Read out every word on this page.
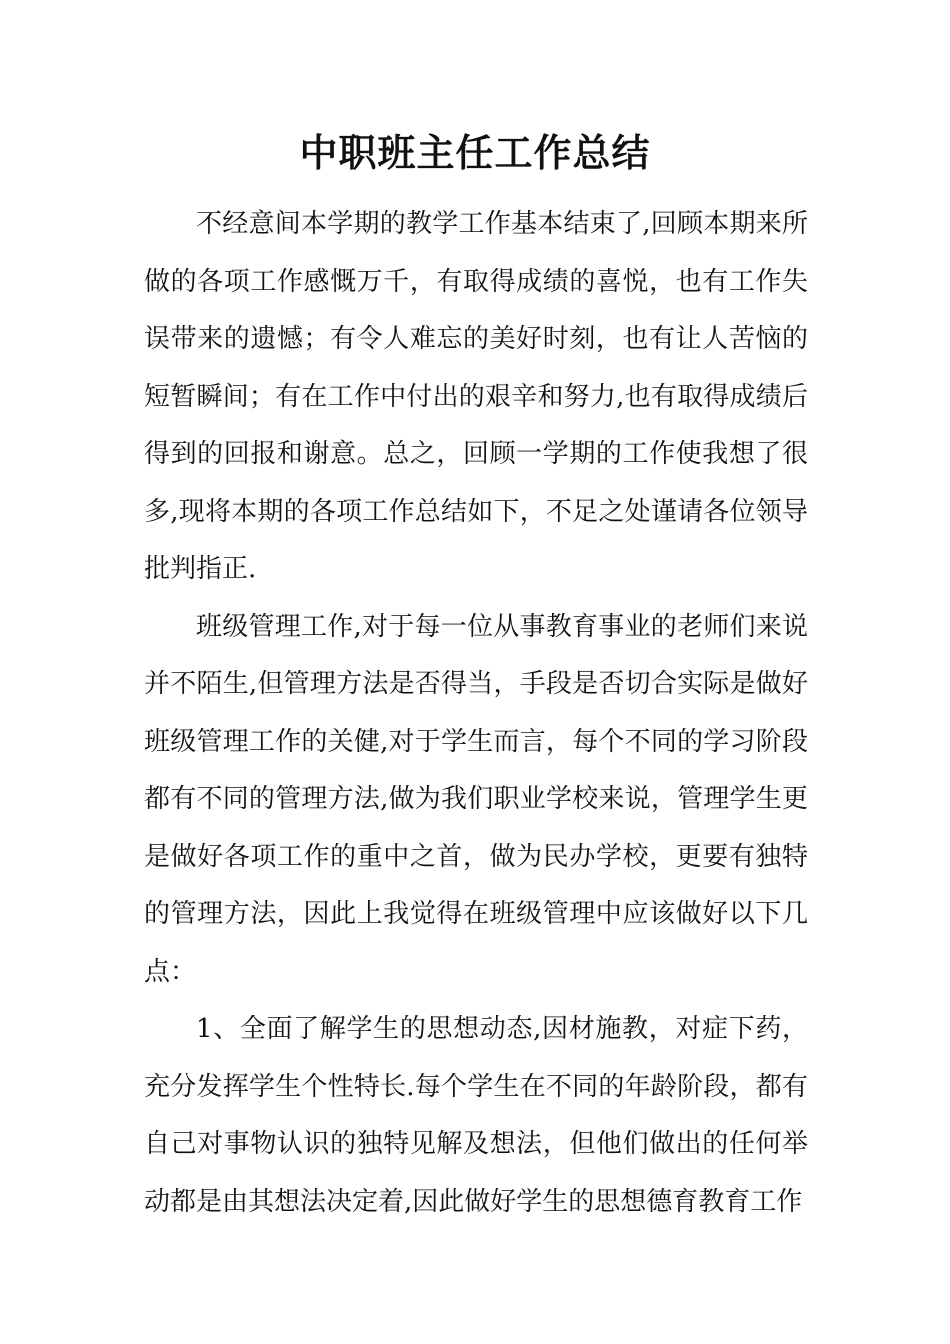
中职班主任工作总结

不经意间本学期的教学工作基本结束了,回顾本期来所做的各项工作感慨万千，有取得成绩的喜悦，也有工作失误带来的遗憾；有令人难忘的美好时刻，也有让人苦恼的短暂瞬间；有在工作中付出的艰辛和努力,也有取得成绩后得到的回报和谢意。总之，回顾一学期的工作使我想了很多,现将本期的各项工作总结如下，不足之处谨请各位领导批判指正.

班级管理工作,对于每一位从事教育事业的老师们来说并不陌生,但管理方法是否得当，手段是否切合实际是做好班级管理工作的关健,对于学生而言，每个不同的学习阶段都有不同的管理方法,做为我们职业学校来说，管理学生更是做好各项工作的重中之首，做为民办学校，更要有独特的管理方法，因此上我觉得在班级管理中应该做好以下几点：

1、全面了解学生的思想动态,因材施教，对症下药，充分发挥学生个性特长.每个学生在不同的年龄阶段，都有自己对事物认识的独特见解及想法，但他们做出的任何举动都是由其想法决定着,因此做好学生的思想德育教育工作
